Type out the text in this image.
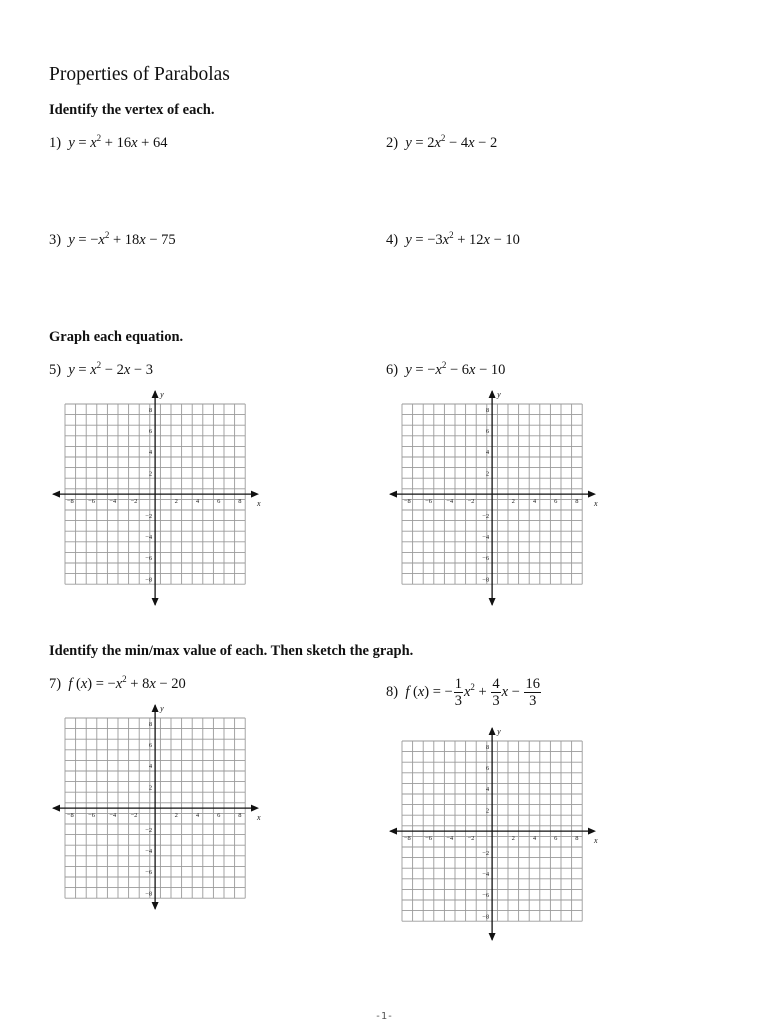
Properties of Parabolas
Identify the vertex of each.
1) $y = x^2 + 16x + 64$	2) $y = 2x^2 - 4x - 2$
3) $y = -x^2 + 18x - 75$	4) $y = -3x^2 + 12x - 10$
Graph each equation.
5) $y = x^2 - 2x - 3$	6) $y = -x^2 - 6x - 10$
x
y
−8 −6 −4 −2	2	4	6	8
8
6
4
2
−2
−4
−6
−8
x
y
−8 −6 −4 −2	2	4	6	8
8
6
4
2
−2
−4
−6
−8
Identify the min/max value of each. Then sketch the graph.
7) f $(x) = -x^2 + 8x - 20$	8) f (x) = − $\frac{1}{3} x^2 + \frac{4}{3}$ $x - \frac{16}{3}$
x
y
−8 −6 −4 −2	2	4	6	8
8
6
4
2
−2
−4
−6
−8
x
y
−8 −6 −4 −2	2	4	6	8
8
6
4
2
−2
−4
−6
−8
-1-
